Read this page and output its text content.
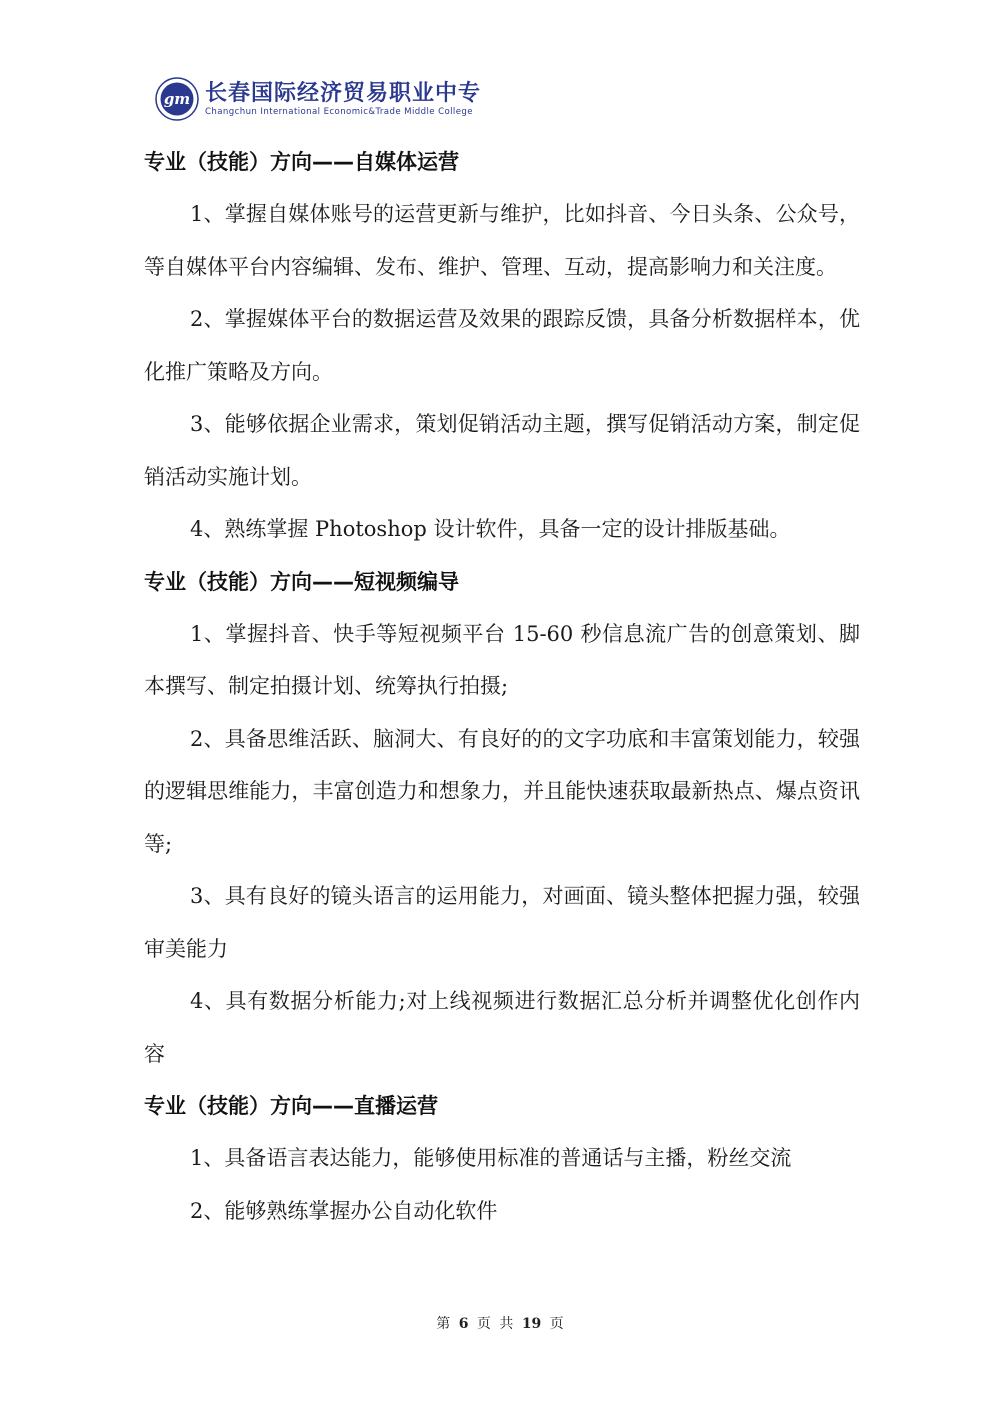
gm 长春国际经济贸易职业中专
Changchun International Economic&Trade Middle College
专业（技能）方向——自媒体运营

1、掌握自媒体账号的运营更新与维护，比如抖音、今日头条、公众号，等自媒体平台内容编辑、发布、维护、管理、互动，提高影响力和关注度。

2、掌握媒体平台的数据运营及效果的跟踪反馈，具备分析数据样本，优化推广策略及方向。

3、能够依据企业需求，策划促销活动主题，撰写促销活动方案，制定促销活动实施计划。

4、熟练掌握 Photoshop 设计软件，具备一定的设计排版基础。

专业（技能）方向——短视频编导

1、掌握抖音、快手等短视频平台 15-60 秒信息流广告的创意策划、脚本撰写、制定拍摄计划、统筹执行拍摄;

2、具备思维活跃、脑洞大、有良好的的文字功底和丰富策划能力，较强的逻辑思维能力，丰富创造力和想象力，并且能快速获取最新热点、爆点资讯等;

3、具有良好的镜头语言的运用能力，对画面、镜头整体把握力强，较强审美能力

4、具有数据分析能力;对上线视频进行数据汇总分析并调整优化创作内容

专业（技能）方向——直播运营

1、具备语言表达能力，能够使用标准的普通话与主播，粉丝交流

2、能够熟练掌握办公自动化软件

第 6 页 共 19 页
